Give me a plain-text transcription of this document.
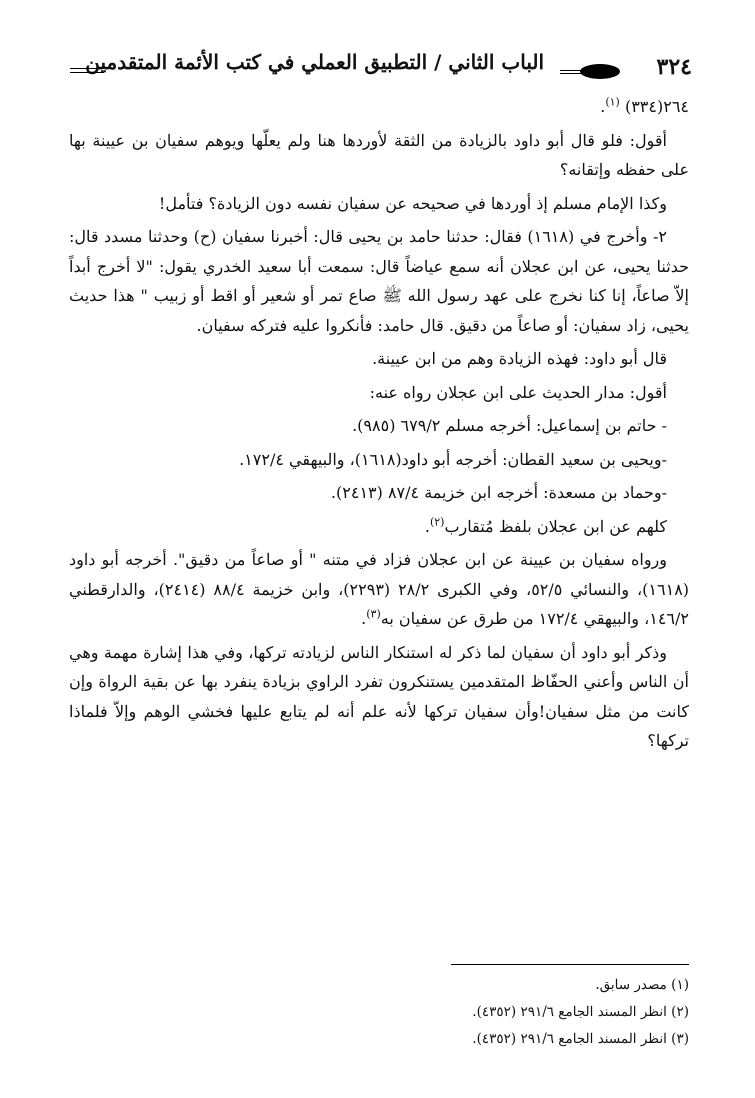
٣٢٤
الباب الثاني / التطبيق العملي في كتب الأئمة المتقدمين

٢٦٤(٣٣٤) $^{(١)}$.

أقول: فلو قال أبو داود بالزيادة من الثقة لأوردها هنا ولم يعلّها ويوهم سفيان بن عيينة بها على حفظه وإتقانه؟

وكذا الإمام مسلم إذ أوردها في صحيحه عن سفيان نفسه دون الزيادة؟ فتأمل!

٢- وأخرج في (١٦١٨) فقال: حدثنا حامد بن يحيى قال: أخبرنا سفيان (ح) وحدثنا مسدد قال: حدثنا يحيى، عن ابن عجلان أنه سمع عياضاً قال: سمعت أبا سعيد الخدري يقول: "لا أخرج أبداً إلاّ صاعاً، إنا كنا نخرج على عهد رسول الله ﷺ صاع تمر أو شعير أو اقط أو زبيب " هذا حديث يحيى، زاد سفيان: أو صاعاً من دقيق. قال حامد: فأنكروا عليه فتركه سفيان.

قال أبو داود: فهذه الزيادة وهم من ابن عيينة.

أقول: مدار الحديث على ابن عجلان رواه عنه:

- حاتم بن إسماعيل: أخرجه مسلم ٦٧٩/٢ (٩٨٥).

-ويحيى بن سعيد القطان: أخرجه أبو داود(١٦١٨)، والبيهقي ١٧٢/٤.

-وحماد بن مسعدة: أخرجه ابن خزيمة ٨٧/٤ (٢٤١٣).

كلهم عن ابن عجلان بلفظ مُتقارب$^{(٢)}$.

ورواه سفيان بن عيينة عن ابن عجلان فزاد في متنه " أو صاعاً من دقيق". أخرجه أبو داود (١٦١٨)، والنسائي ٥٢/٥، وفي الكبرى ٢٨/٢ (٢٢٩٣)، وابن خزيمة ٨٨/٤ (٢٤١٤)، والدارقطني ١٤٦/٢، والبيهقي ١٧٢/٤ من طرق عن سفيان به$^{(٣)}$.

وذكر أبو داود أن سفيان لما ذكر له استنكار الناس لزيادته تركها، وفي هذا إشارة مهمة وهي أن الناس وأعني الحفّاظ المتقدمين يستنكرون تفرد الراوي بزيادة ينفرد بها عن بقية الرواة وإن كانت من مثل سفيان!وأن سفيان تركها لأنه علم أنه لم يتابع عليها فخشي الوهم وإلاّ فلماذا تركها؟

(١) مصدر سابق.
(٢) انظر المسند الجامع ٢٩١/٦ (٤٣٥٢).
(٣) انظر المسند الجامع ٢٩١/٦ (٤٣٥٢).
